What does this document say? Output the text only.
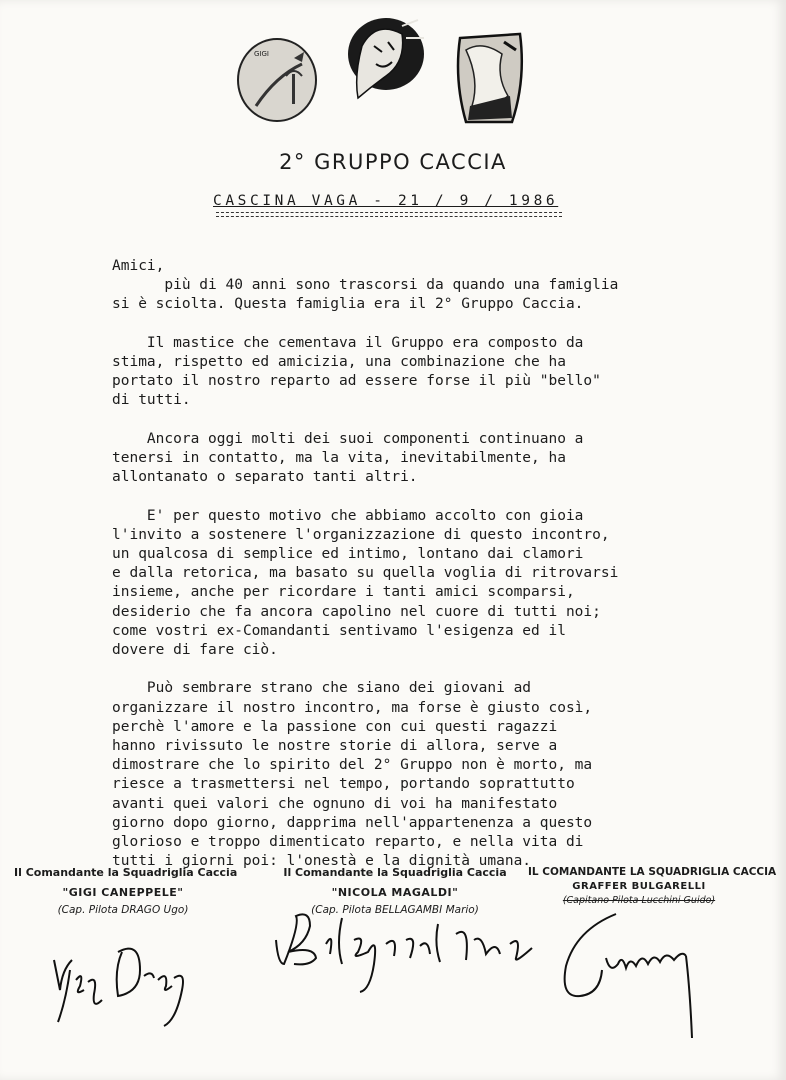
GIGI
2° GRUPPO CACCIA
CASCINA VAGA - 21 / 9 / 1986
Amici,
più di 40 anni sono trascorsi da quando una famiglia
si è sciolta. Questa famiglia era il 2° Gruppo Caccia.

Il mastice che cementava il Gruppo era composto da
stima, rispetto ed amicizia, una combinazione che ha
portato il nostro reparto ad essere forse il più "bello"
di tutti.

Ancora oggi molti dei suoi componenti continuano a
tenersi in contatto, ma la vita, inevitabilmente, ha
allontanato o separato tanti altri.

E' per questo motivo che abbiamo accolto con gioia
l'invito a sostenere l'organizzazione di questo incontro,
un qualcosa di semplice ed intimo, lontano dai clamori
e dalla retorica, ma basato su quella voglia di ritrovarsi
insieme, anche per ricordare i tanti amici scomparsi,
desiderio che fa ancora capolino nel cuore di tutti noi;
come vostri ex-Comandanti sentivamo l'esigenza ed il
dovere di fare ciò.

Può sembrare strano che siano dei giovani ad
organizzare il nostro incontro, ma forse è giusto così,
perchè l'amore e la passione con cui questi ragazzi
hanno rivissuto le nostre storie di allora, serve a
dimostrare che lo spirito del 2° Gruppo non è morto, ma
riesce a trasmettersi nel tempo, portando soprattutto
avanti quei valori che ognuno di voi ha manifestato
giorno dopo giorno, dapprima nell'appartenenza a questo
glorioso e troppo dimenticato reparto, e nella vita di
tutti i giorni poi: l'onestà e la dignità umana.
Il Comandante la Squadriglia Caccia
"GIGI CANEPPELE"
(Cap. Pilota DRAGO Ugo)
Il Comandante la Squadriglia Caccia
"NICOLA MAGALDI"
(Cap. Pilota BELLAGAMBI Mario)
IL COMANDANTE LA SQUADRIGLIA CACCIA
GRAFFER BULGARELLI
(Capitano Pilota Lucchini Guido)
